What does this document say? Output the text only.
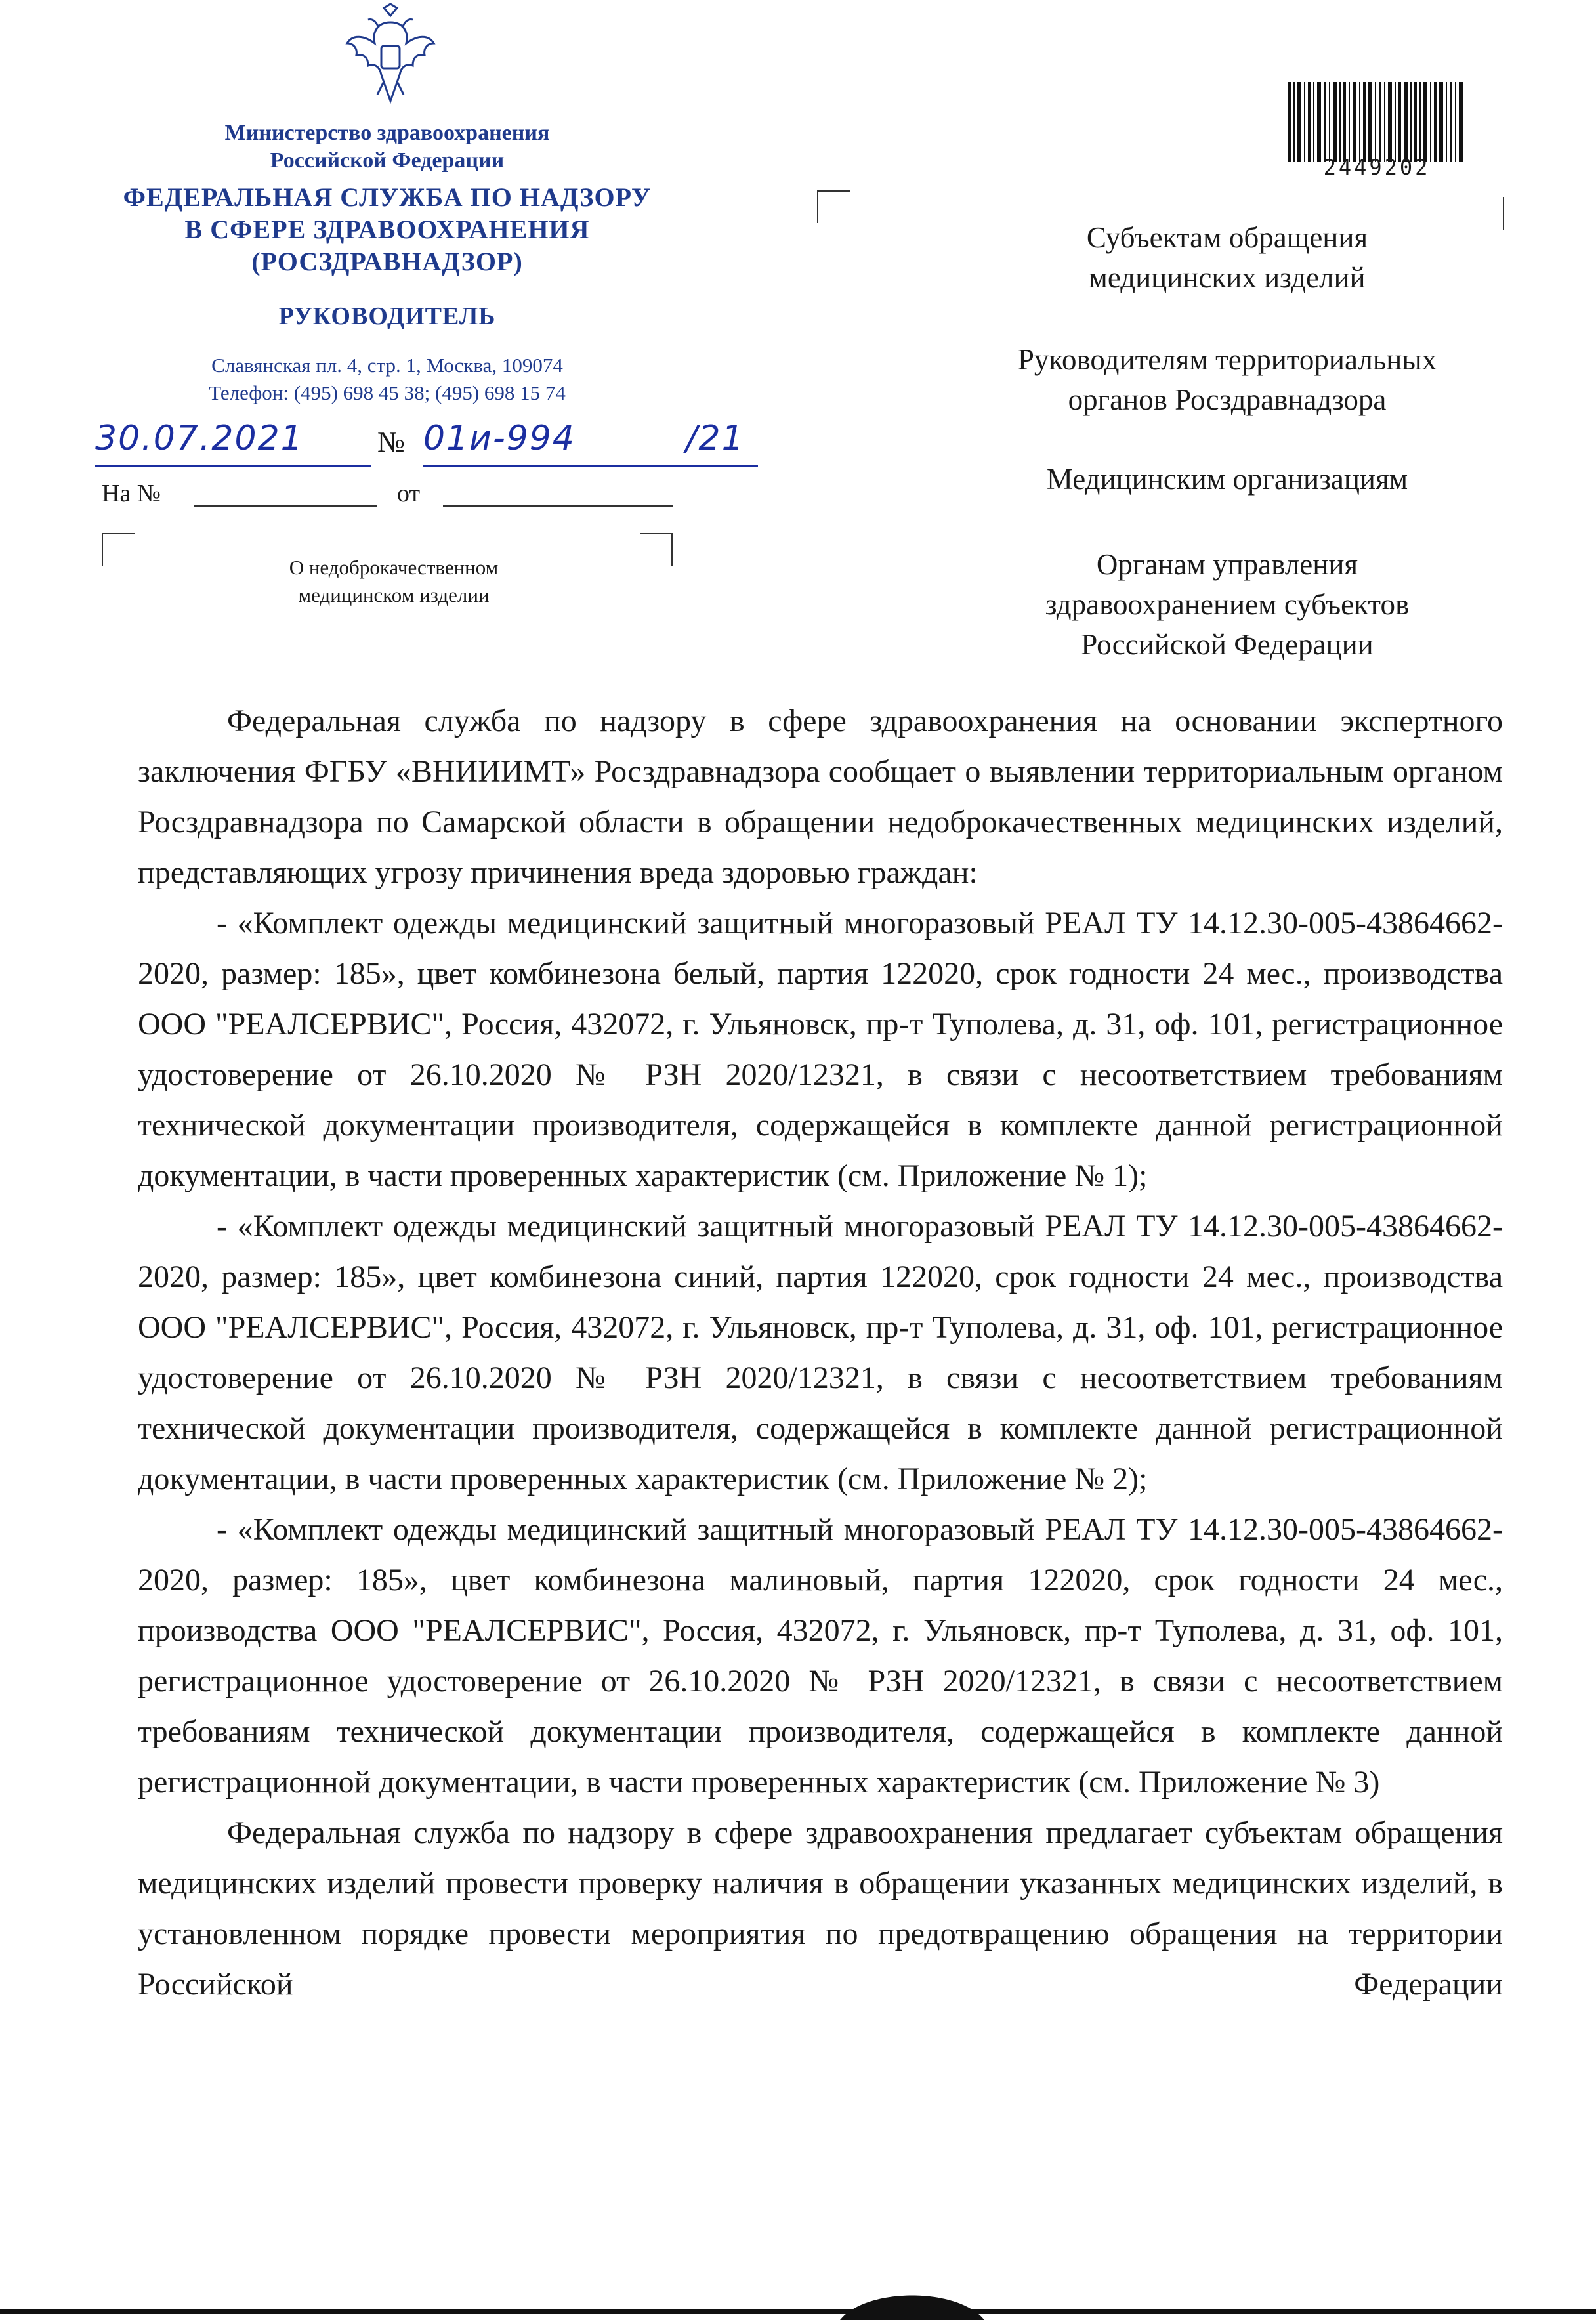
Министерство здравоохранения
Российской Федерации
ФЕДЕРАЛЬНАЯ СЛУЖБА ПО НАДЗОРУ
В СФЕРЕ ЗДРАВООХРАНЕНИЯ
(РОСЗДРАВНАДЗОР)
РУКОВОДИТЕЛЬ
Славянская пл. 4, стр. 1, Москва, 109074
Телефон: (495) 698 45 38; (495) 698 15 74
30.07.2021	№ 01и-994	/21
На №	от
О недоброкачественном
медицинском изделии
2449202
Субъектам обращения
медицинских изделий
Руководителям территориальных
органов Росздравнадзора
Медицинским организациям
Органам управления
здравоохранением субъектов
Российской Федерации

Федеральная служба по надзору в сфере здравоохранения на основании экспертного заключения ФГБУ «ВНИИИМТ» Росздравнадзора сообщает о выявлении территориальным органом Росздравнадзора по Самарской области в обращении недоброкачественных медицинских изделий, представляющих угрозу причинения вреда здоровью граждан:

- «Комплект одежды медицинский защитный многоразовый РЕАЛ ТУ 14.12.30-005-43864662-2020, размер: 185», цвет комбинезона белый, партия 122020, срок годности 24 мес., производства ООО "РЕАЛСЕРВИС", Россия, 432072, г. Ульяновск, пр-т Туполева, д. 31, оф. 101, регистрационное удостоверение от 26.10.2020 № РЗН 2020/12321, в связи с несоответствием требованиям технической документации производителя, содержащейся в комплекте данной регистрационной документации, в части проверенных характеристик (см. Приложение № 1);

- «Комплект одежды медицинский защитный многоразовый РЕАЛ ТУ 14.12.30-005-43864662-2020, размер: 185», цвет комбинезона синий, партия 122020, срок годности 24 мес., производства ООО "РЕАЛСЕРВИС", Россия, 432072, г. Ульяновск, пр-т Туполева, д. 31, оф. 101, регистрационное удостоверение от 26.10.2020 № РЗН 2020/12321, в связи с несоответствием требованиям технической документации производителя, содержащейся в комплекте данной регистрационной документации, в части проверенных характеристик (см. Приложение № 2);

- «Комплект одежды медицинский защитный многоразовый РЕАЛ ТУ 14.12.30-005-43864662-2020, размер: 185», цвет комбинезона малиновый, партия 122020, срок годности 24 мес., производства ООО "РЕАЛСЕРВИС", Россия, 432072, г. Ульяновск, пр-т Туполева, д. 31, оф. 101, регистрационное удостоверение от 26.10.2020 № РЗН 2020/12321, в связи с несоответствием требованиям технической документации производителя, содержащейся в комплекте данной регистрационной документации, в части проверенных характеристик (см. Приложение № 3)

Федеральная служба по надзору в сфере здравоохранения предлагает субъектам обращения медицинских изделий провести проверку наличия в обращении указанных медицинских изделий, в установленном порядке провести мероприятия по предотвращению обращения на территории Российской Федерации
